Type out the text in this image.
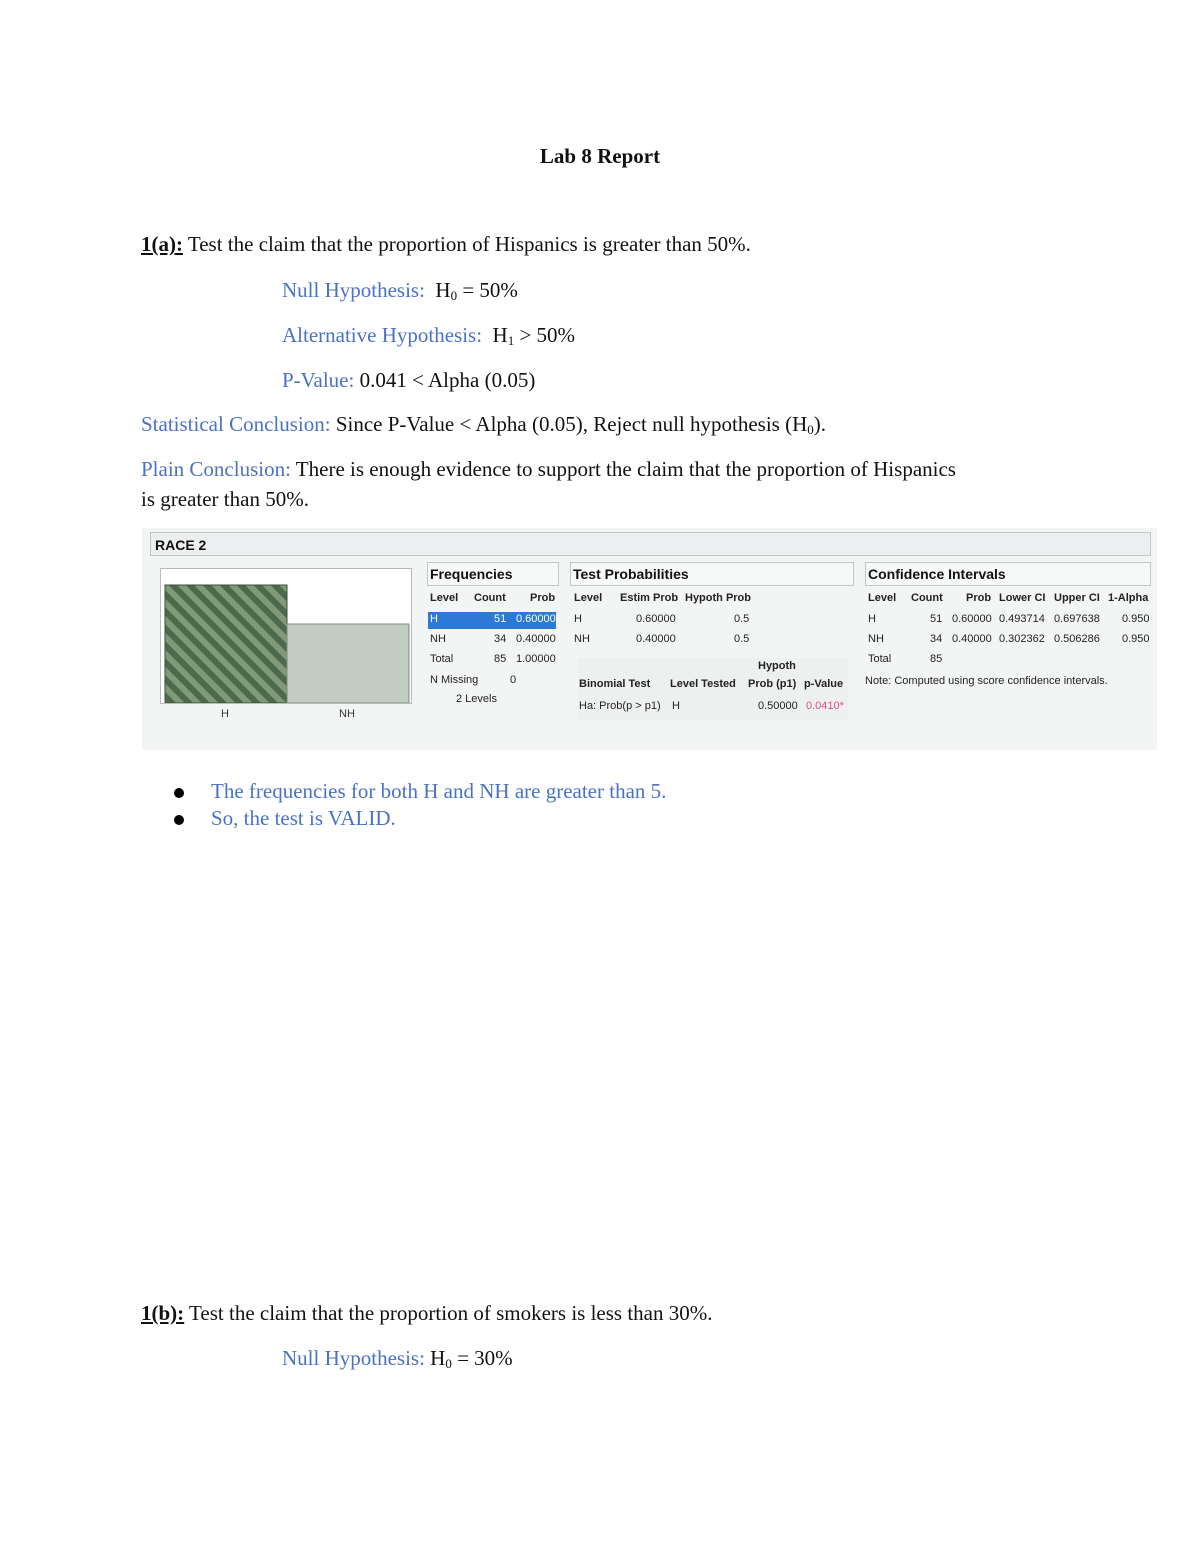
Lab 8 Report
1(a): Test the claim that the proportion of Hispanics is greater than 50%.
Null Hypothesis: $H_0 = 50\%$
Alternative Hypothesis: $H_1 > 50\%$
P-Value: 0.041 < Alpha (0.05)
Statistical Conclusion: Since P-Value < Alpha (0.05), Reject null hypothesis $(H_0)$.
Plain Conclusion: There is enough evidence to support the claim that the proportion of Hispanics
is greater than 50%.
RACE 2
H	NH
Frequencies
Level Count Prob
H	51 0.60000
NH	34 0.40000
Total	85 1.00000
N Missing	0
2 Levels
Test Probabilities
Level Estim Prob Hypoth Prob
H	0.60000	0.5
NH	0.40000	0.5
Hypoth
Binomial Test Level Tested Prob (p1) p-Value
Ha: Prob(p > p1) H	0.50000 0.0410*
Confidence Intervals
Level Count Prob Lower CI Upper CI 1-Alpha
H	51 0.60000 0.493714 0.697638 0.950
NH	34 0.40000 0.302362 0.506286 0.950
Total	85
Note: Computed using score confidence intervals.
The frequencies for both H and NH are greater than 5.
So, the test is VALID.
1(b): Test the claim that the proportion of smokers is less than 30%.
Null Hypothesis: $H_0 = 30\%$
